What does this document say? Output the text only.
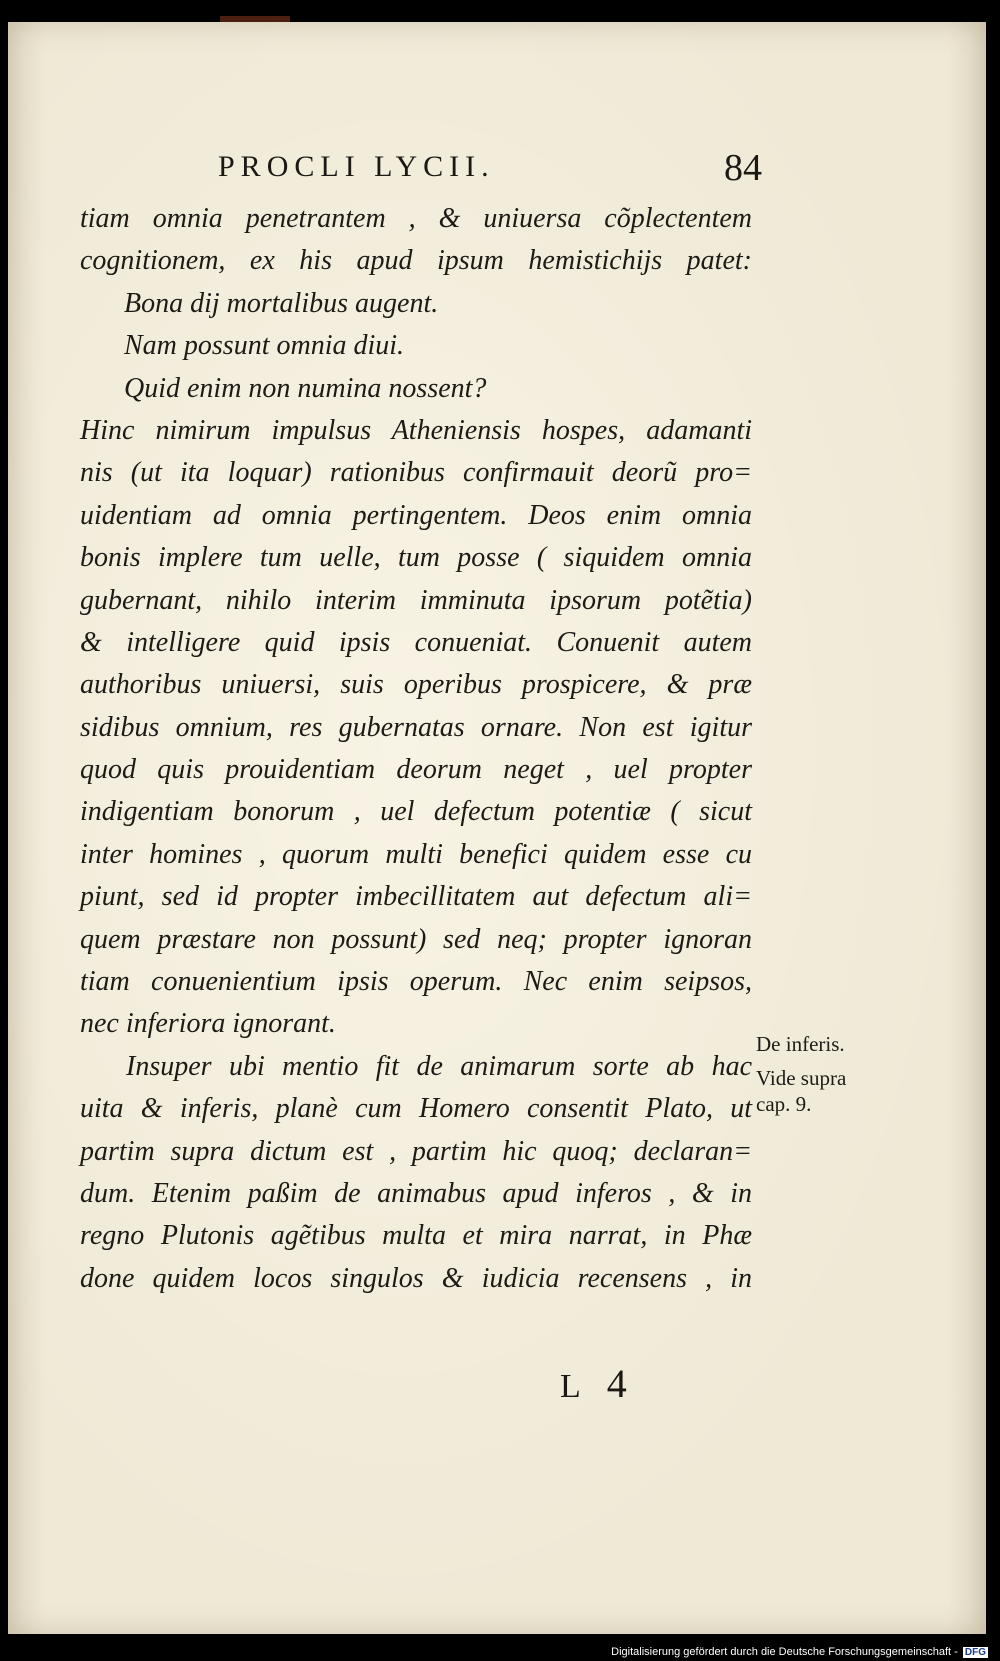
PROCLI LYCII.	84
tiam omnia penetrantem , & uniuersa cõplectentem
cognitionem, ex his apud ipsum hemistichijs patet:
Bona dij mortalibus augent.
Nam possunt omnia diui.
Quid enim non numina nossent?
Hinc nimirum impulsus Atheniensis hospes, adamanti
nis (ut ita loquar) rationibus confirmauit deorũ pro=
uidentiam ad omnia pertingentem. Deos enim omnia
bonis implere tum uelle, tum posse ( siquidem omnia
gubernant, nihilo interim imminuta ipsorum potẽtia)
& intelligere quid ipsis conueniat. Conuenit autem
authoribus uniuersi, suis operibus prospicere, & præ
sidibus omnium, res gubernatas ornare. Non est igitur
quod quis prouidentiam deorum neget , uel propter
indigentiam bonorum , uel defectum potentiæ ( sicut
inter homines , quorum multi benefici quidem esse cu
piunt, sed id propter imbecillitatem aut defectum ali=
quem præstare non possunt) sed neq; propter ignoran
tiam conuenientium ipsis operum. Nec enim seipsos,
nec inferiora ignorant.
Insuper ubi mentio fit de animarum sorte ab hac
uita & inferis, planè cum Homero consentit Plato, ut
partim supra dictum est , partim hic quoq; declaran=
dum. Etenim paßim de animabus apud inferos , & in
regno Plutonis agẽtibus multa et mira narrat, in Phæ
done quidem locos singulos & iudicia recensens , in
De inferis.
Vide supra
cap. 9.
L 4
Digitalisierung gefördert durch die Deutsche Forschungsgemeinschaft - DFG
